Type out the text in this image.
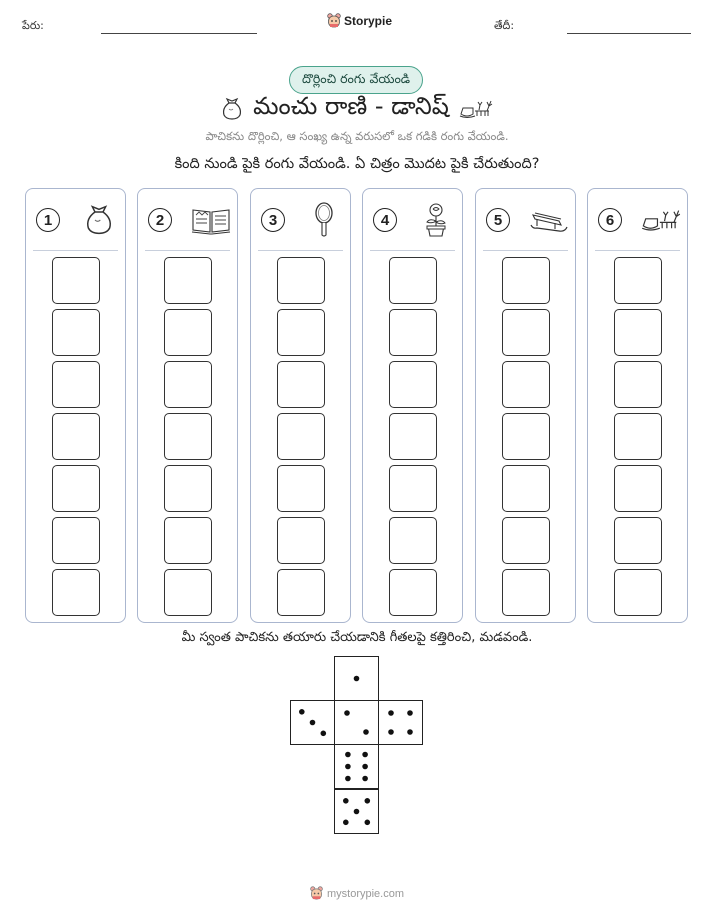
పేరు:	Storypie	తేదీ:
దొర్లించి రంగు వేయండి
మంచు రాణి - డానిష్
పాచికను దొర్లించి, ఆ సంఖ్య ఉన్న వరుసలో ఒక గడికి రంగు వేయండి.
కింది నుండి పైకి రంగు వేయండి. ఏ చిత్రం మొదట పైకి చేరుతుంది?
1	2	3	4	5	6
మీ స్వంత పాచికను తయారు చేయడానికి గీతలపై కత్తిరించి, మడవండి.
mystorypie.com
